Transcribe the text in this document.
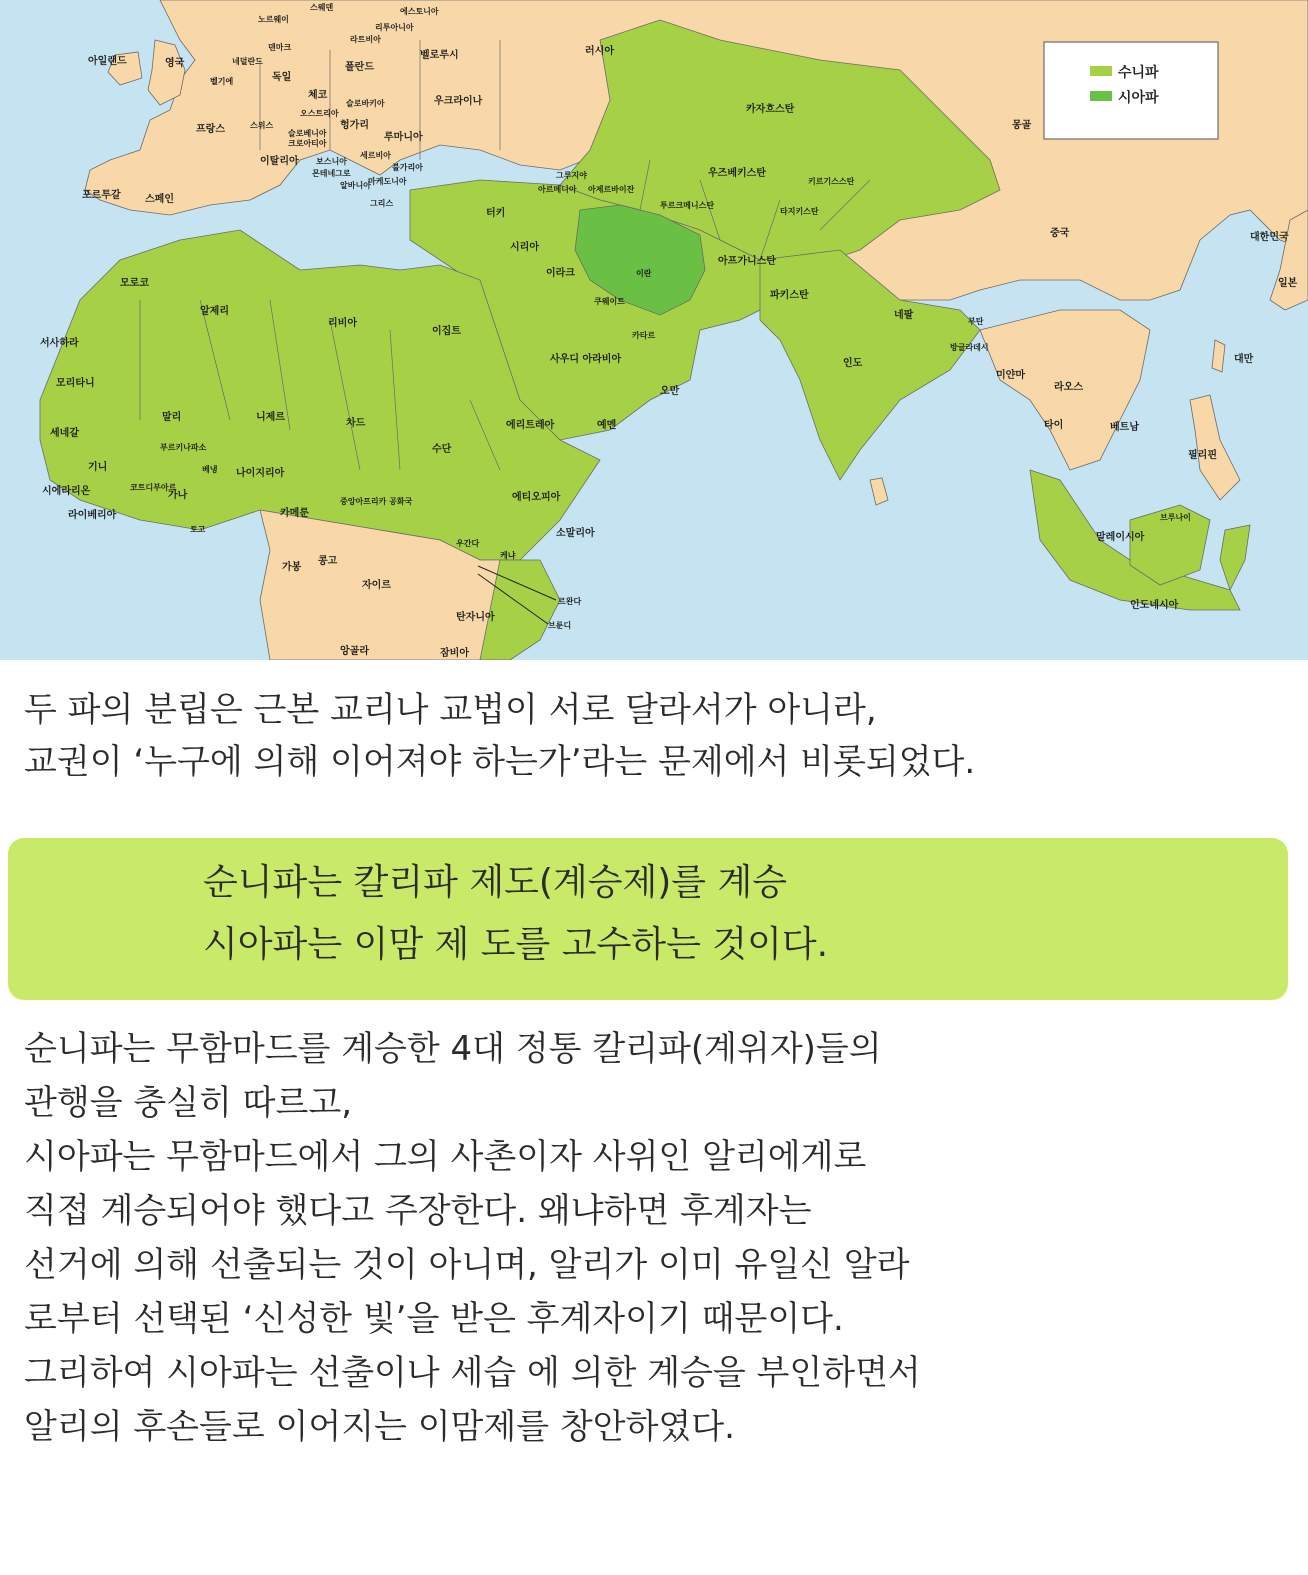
수니파
시아파
아일랜드	영국	네덜란드
벨기에
덴마크
스웨덴
노르웨이
에스토니아
리투아니아
라트비아
벨로루시	러시아
폴란드
독일
체코
슬로바키아	우크라이나
오스트리아
헝가리
프랑스	스위스
슬로베니아
크로아티아
루마니아
이탈리아 보스니아
세르비아
불가리아
몬테네그로
마케도니아
알바니아
그리스
포르투갈 스페인
그루지야
아르메니아 아제르바이잔
카자흐스탄
몽골
우즈베키스탄
키르기스스탄
투르크메니스탄
타지키스탄
터키
시리아
이라크	이란
쿠웨이트
카타르
아프가니스탄
파키스탄
중국	대한민국
일본
네팔
부탄
방글라데시
인도
미얀마
라오스
대만
타이	베트남
필리핀
브루나이
말레이시아
인도네시아
모로코
알제리
리비아
이집트
서사하라
모리타니
말리	니제르
차드
수단
사우디 아라비아
오만
예멘
에리트레아
세네갈
부르키나파소
베냉 나이지리아
기니
시에라리온	코트디부아르
가나
라이베리아
토고
카메룬
중앙아프리카 공화국	에티오피아
소말리아
우간다
케냐
가봉
콩고
자이르
르완다
브룬디
탄자니아
앙골라	잠비아

두 파의 분립은 근본 교리나 교법이 서로 달라서가 아니라,
교권이 ‘누구에 의해 이어져야 하는가’라는 문제에서 비롯되었다.

순니파는 칼리파 제도(계승제)를 계승
시아파는 이맘 제 도를 고수하는 것이다.

순니파는 무함마드를 계승한 4대 정통 칼리파(계위자)들의
관행을 충실히 따르고,
시아파는 무함마드에서 그의 사촌이자 사위인 알리에게로
직접 계승되어야 했다고 주장한다. 왜냐하면 후계자는
선거에 의해 선출되는 것이 아니며, 알리가 이미 유일신 알라
로부터 선택된 ‘신성한 빛’을 받은 후계자이기 때문이다.
그리하여 시아파는 선출이나 세습 에 의한 계승을 부인하면서
알리의 후손들로 이어지는 이맘제를 창안하였다.
